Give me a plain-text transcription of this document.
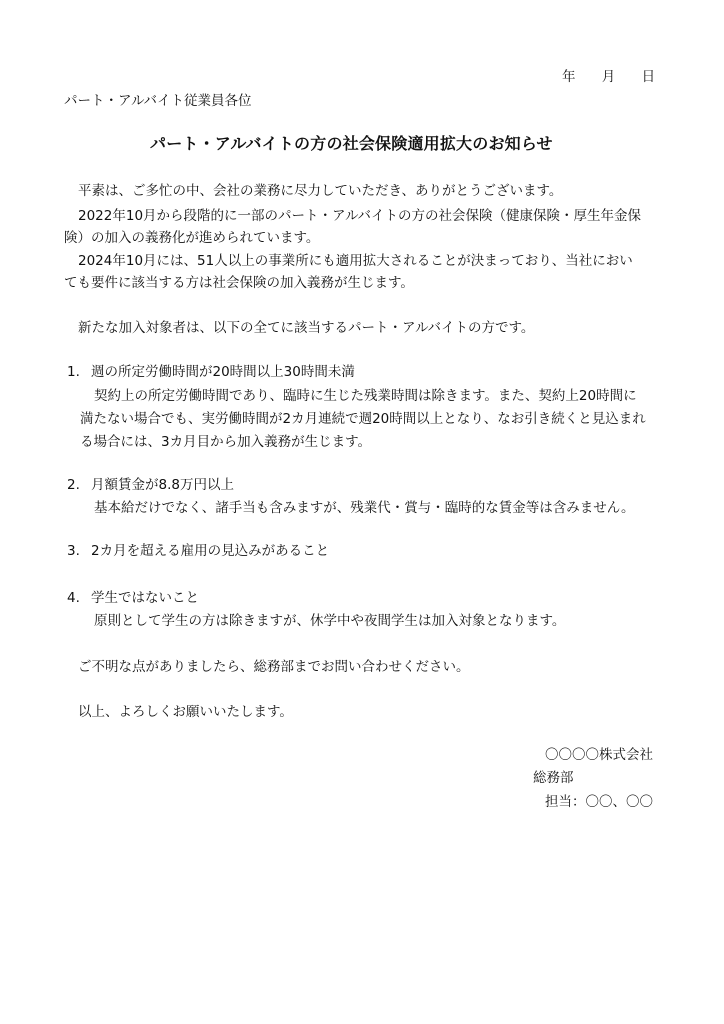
年 月 日
パート・アルバイト従業員各位
パート・アルバイトの方の社会保険適用拡大のお知らせ
平素は、ご多忙の中、会社の業務に尽力していただき、ありがとうございます。
2022年10月から段階的に一部のパート・アルバイトの方の社会保険（健康保険・厚生年金保
険）の加入の義務化が進められています。
2024年10月には、51人以上の事業所にも適用拡大されることが決まっており、当社におい
ても要件に該当する方は社会保険の加入義務が生じます。
新たな加入対象者は、以下の全てに該当するパート・アルバイトの方です。
1. 週の所定労働時間が20時間以上30時間未満
契約上の所定労働時間であり、臨時に生じた残業時間は除きます。また、契約上20時間に
満たない場合でも、実労働時間が2カ月連続で週20時間以上となり、なお引き続くと見込まれ
る場合には、3カ月目から加入義務が生じます。
2. 月額賃金が8.8万円以上
基本給だけでなく、諸手当も含みますが、残業代・賞与・臨時的な賃金等は含みません。
3. 2カ月を超える雇用の見込みがあること
4. 学生ではないこと
原則として学生の方は除きますが、休学中や夜間学生は加入対象となります。
ご不明な点がありましたら、総務部までお問い合わせください。
以上、よろしくお願いいたします。
〇〇〇〇株式会社
総務部
担当：〇〇、〇〇
